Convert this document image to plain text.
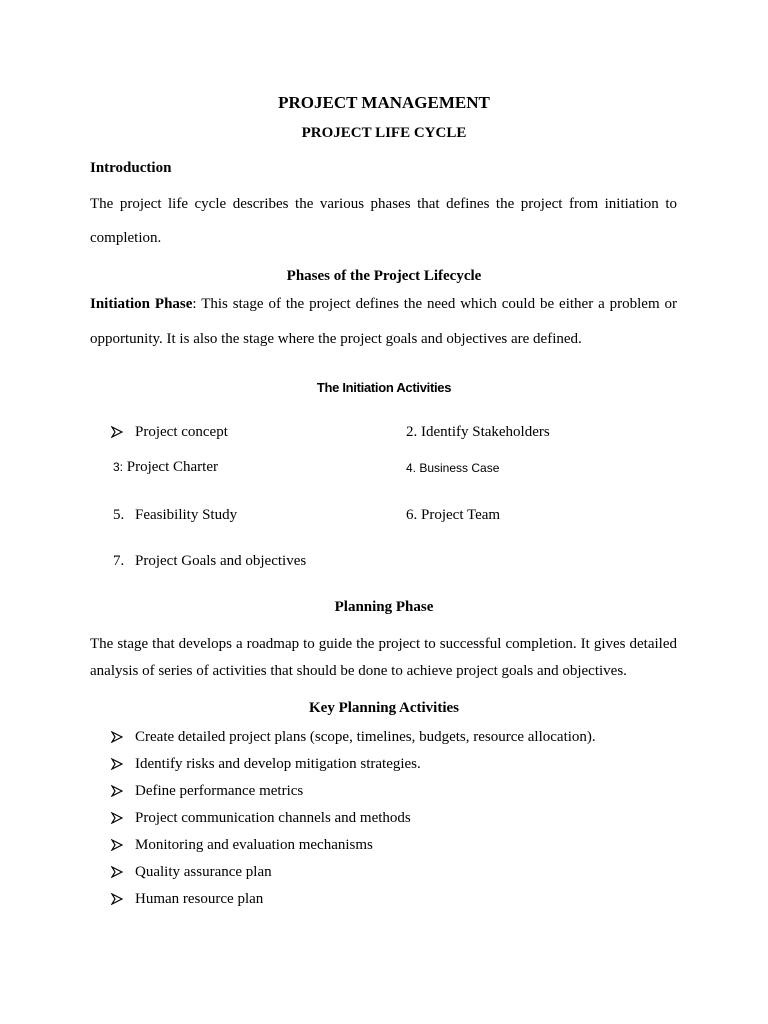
PROJECT MANAGEMENT
PROJECT LIFE CYCLE
Introduction
The project life cycle describes the various phases that defines the project from initiation to
completion.
Phases of the Project Lifecycle
Initiation Phase: This stage of the project defines the need which could be either a problem or
opportunity. It is also the stage where the project goals and objectives are defined.
The Initiation Activities
Project concept	2. Identify Stakeholders
3: Project Charter	4. Business Case
5. Feasibility Study	6. Project Team
7. Project Goals and objectives
Planning Phase
The stage that develops a roadmap to guide the project to successful completion. It gives detailed
analysis of series of activities that should be done to achieve project goals and objectives.
Key Planning Activities
Create detailed project plans (scope, timelines, budgets, resource allocation).
Identify risks and develop mitigation strategies.
Define performance metrics
Project communication channels and methods
Monitoring and evaluation mechanisms
Quality assurance plan
Human resource plan
